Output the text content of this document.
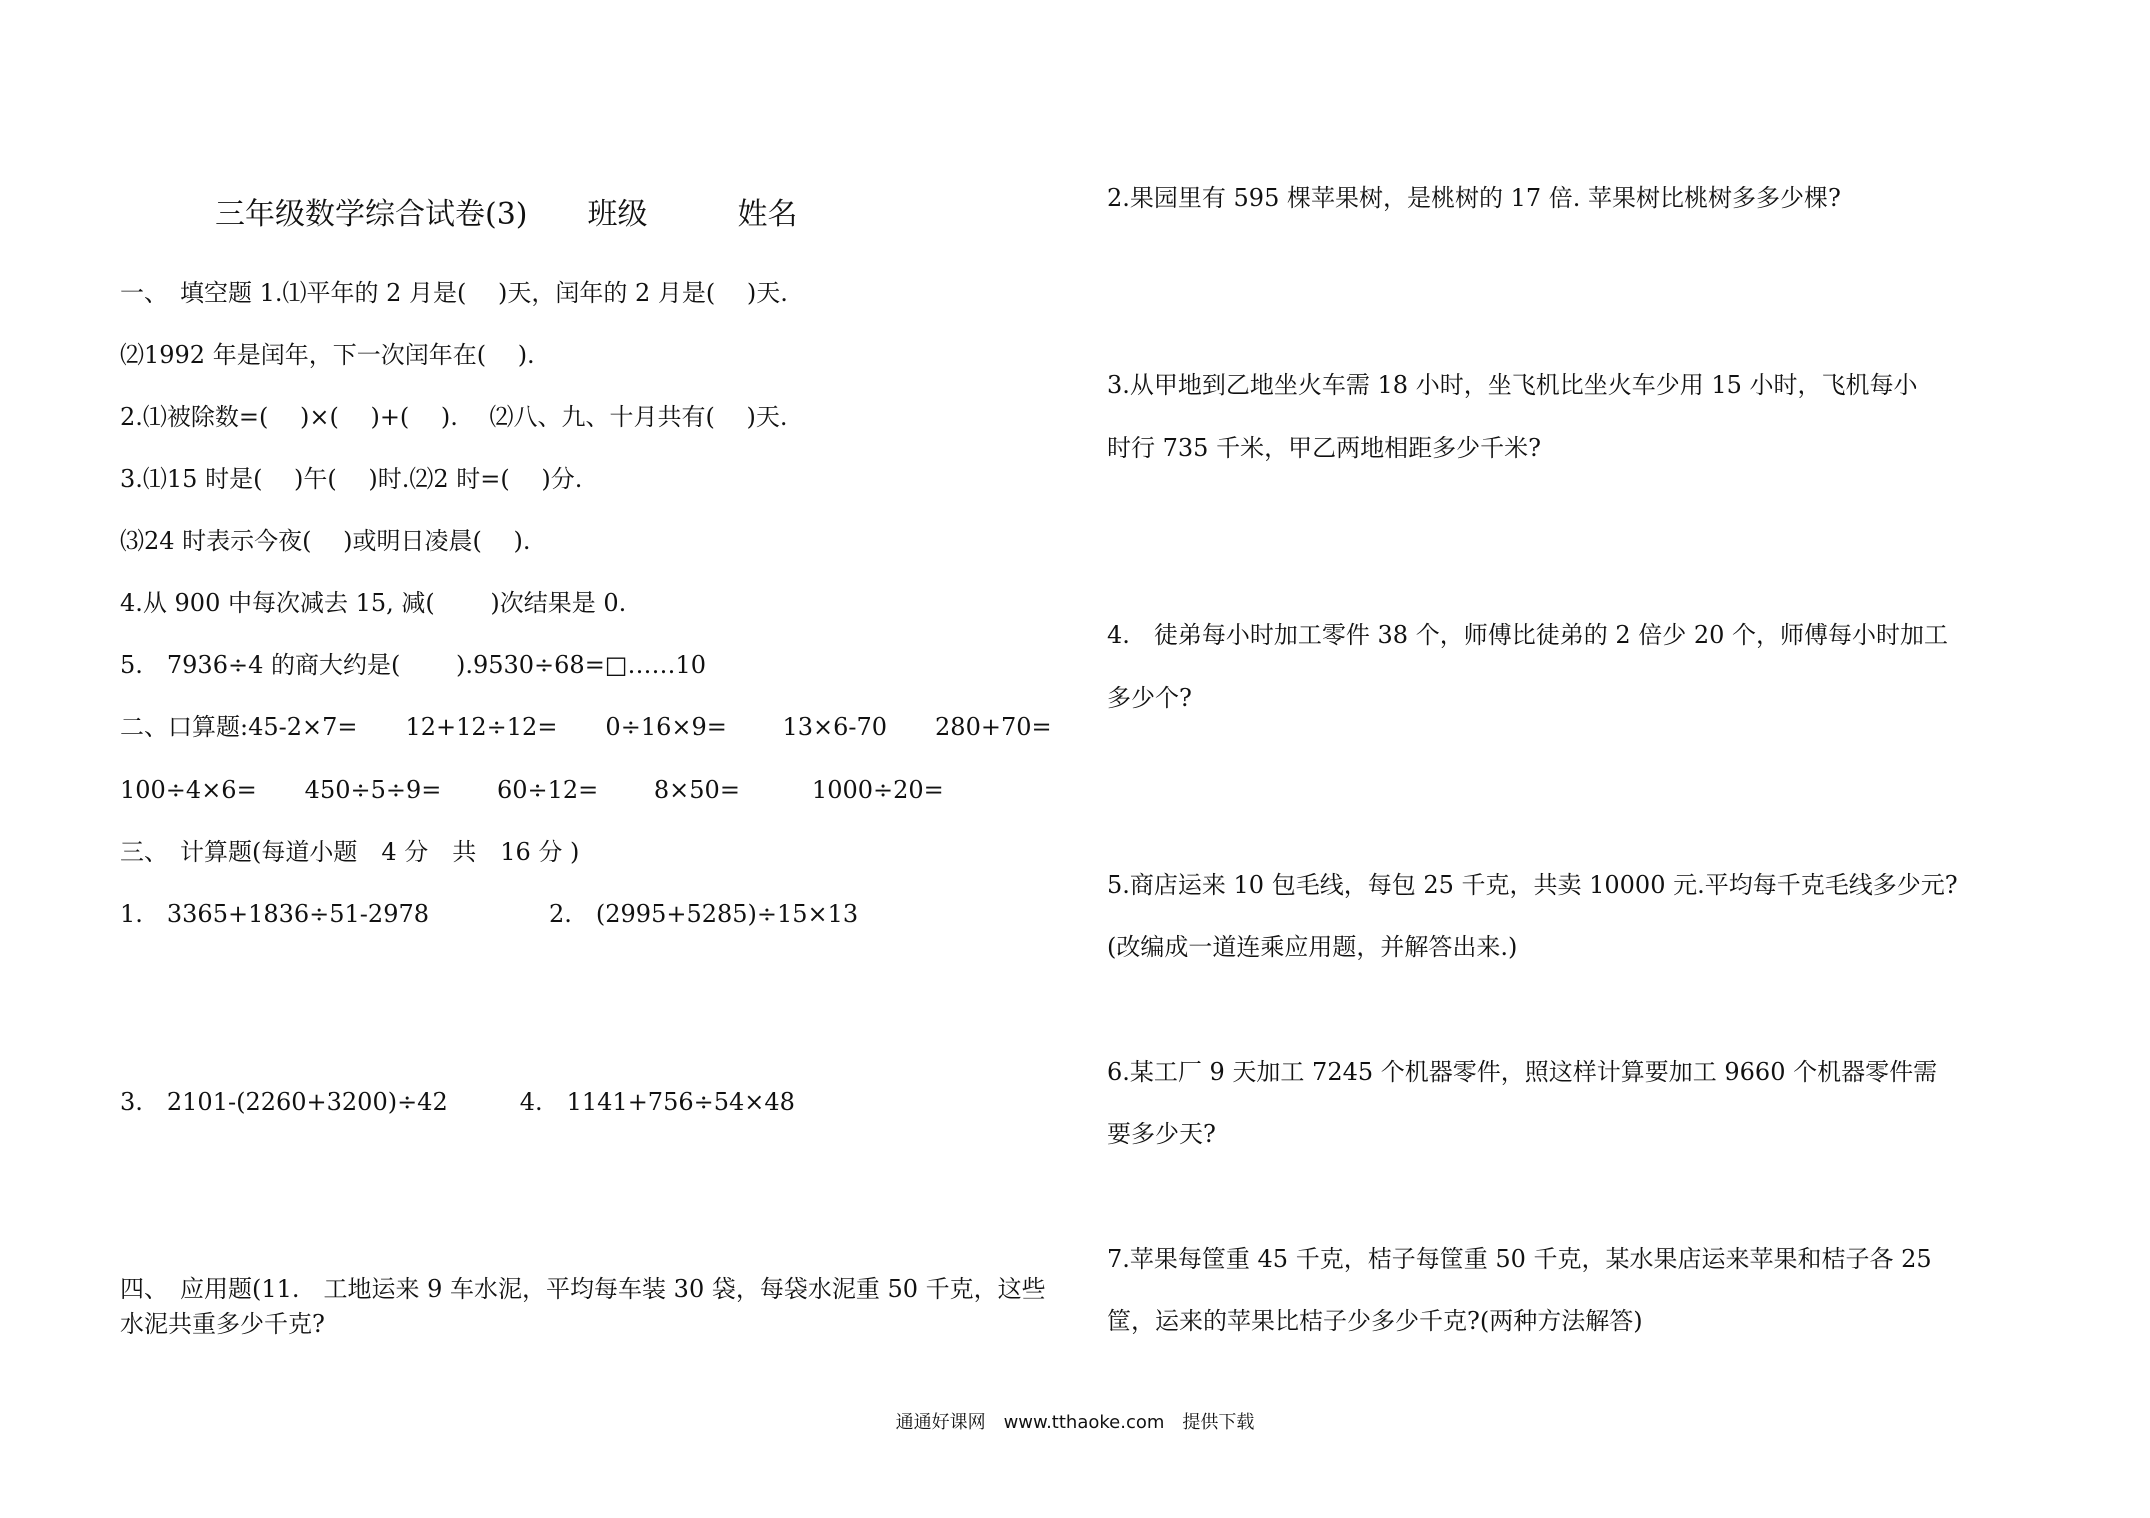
三年级数学综合试卷(3)　　班级　　　姓名
一、　填空题 1.⑴平年的 2 月是(　 )天，闰年的 2 月是(　 )天.
⑵1992 年是闰年，下一次闰年在(　 ).
2.⑴被除数=(　 )×(　 )+(　 ).　 ⑵八、九、十月共有(　 )天.
3.⑴15 时是(　 )午(　 )时.⑵2 时=(　 )分.
⑶24 时表示今夜(　 )或明日凌晨(　 ).
4.从 900 中每次减去 15, 减(　　 )次结果是 0.
5.　7936÷4 的商大约是(　　 ).9530÷68=□……10
二、口算题:45-2×7=　　12+12÷12=　　0÷16×9=　　 13×6-70　　280+70=
100÷4×6=　　450÷5÷9=　　 60÷12=　　 8×50=　　　1000÷20=
三、　计算题(每道小题　4 分　共　16 分 )
1.　3365+1836÷51-2978　　　　　2.　(2995+5285)÷15×13
3.　2101-(2260+3200)÷42　　　4.　1141+756÷54×48
四、　应用题(11.　工地运来 9 车水泥，平均每车装 30 袋，每袋水泥重 50 千克，这些
水泥共重多少千克?
2.果园里有 595 棵苹果树，是桃树的 17 倍. 苹果树比桃树多多少棵?
3.从甲地到乙地坐火车需 18 小时，坐飞机比坐火车少用 15 小时，飞机每小
时行 735 千米，甲乙两地相距多少千米?
4.　徒弟每小时加工零件 38 个，师傅比徒弟的 2 倍少 20 个，师傅每小时加工
多少个?
5.商店运来 10 包毛线，每包 25 千克，共卖 10000 元.平均每千克毛线多少元?
(改编成一道连乘应用题，并解答出来.)
6.某工厂 9 天加工 7245 个机器零件，照这样计算要加工 9660 个机器零件需
要多少天?
7.苹果每筐重 45 千克，桔子每筐重 50 千克，某水果店运来苹果和桔子各 25
筐，运来的苹果比桔子少多少千克?(两种方法解答)
通通好课网　www.tthaoke.com　提供下载
